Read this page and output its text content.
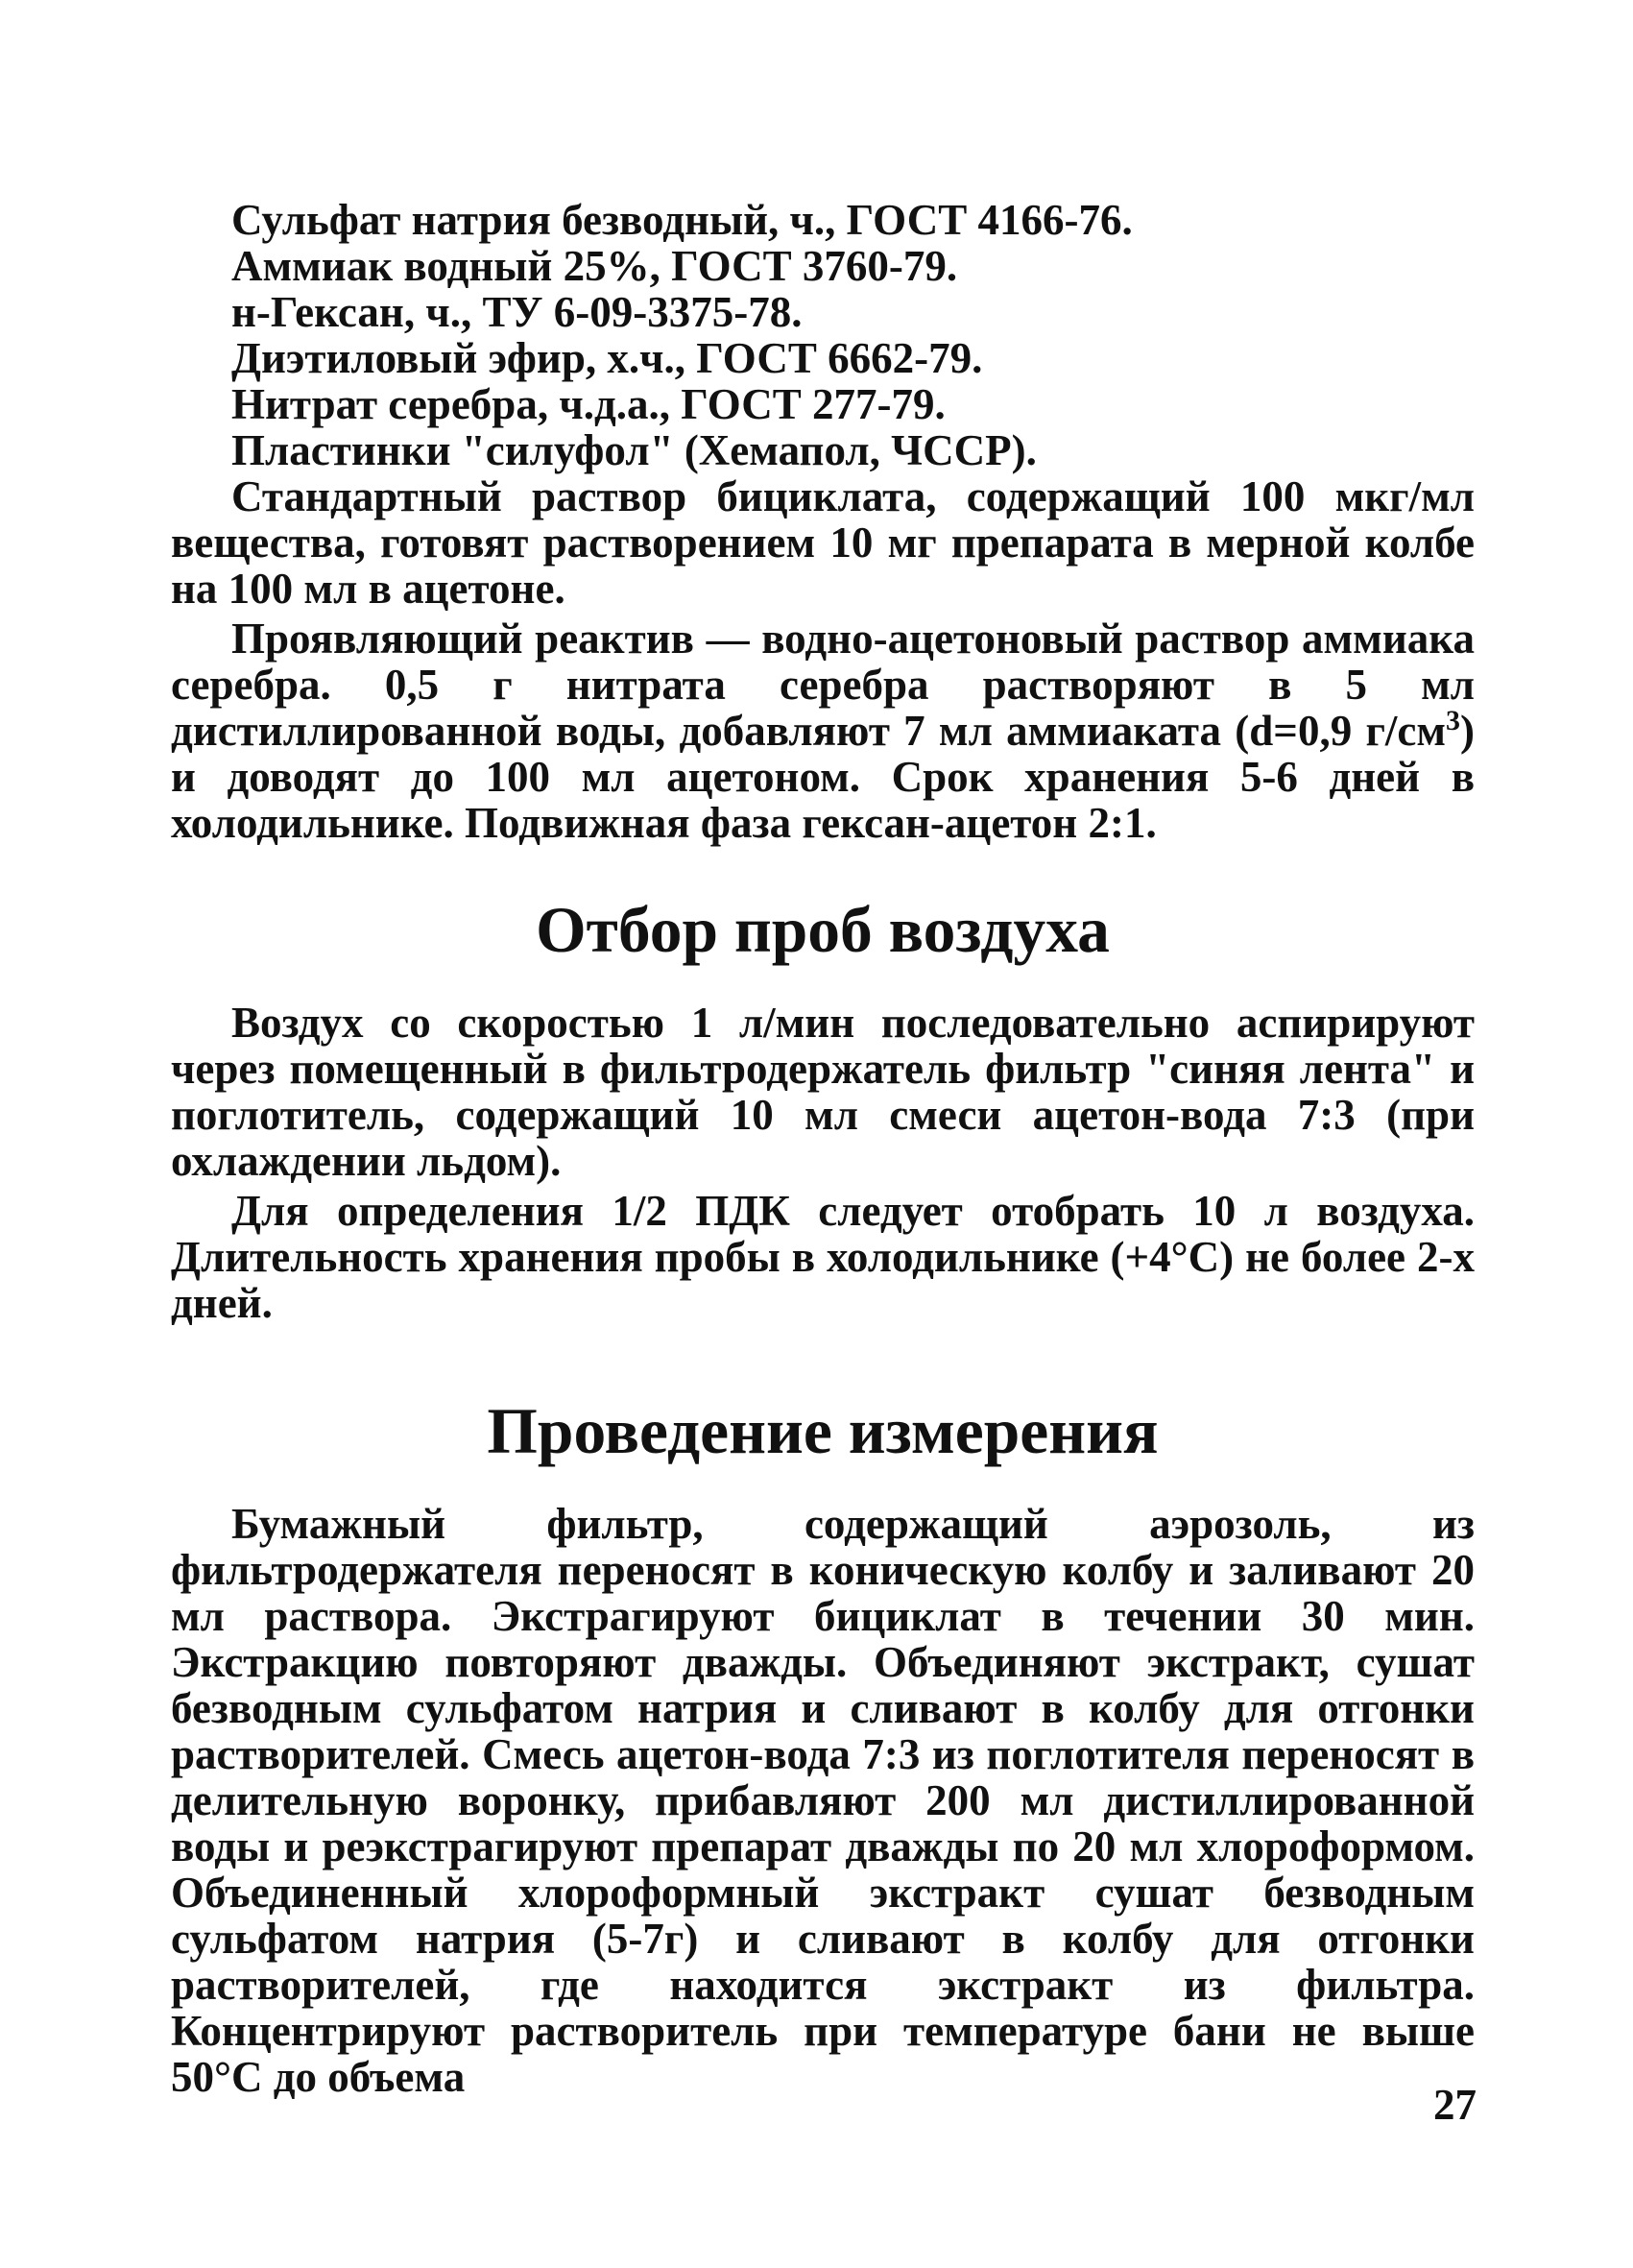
Сульфат натрия безводный, ч., ГОСТ 4166-76.
Аммиак водный 25%, ГОСТ 3760-79.
н-Гексан, ч., ТУ 6-09-3375-78.
Диэтиловый эфир, х.ч., ГОСТ 6662-79.
Нитрат серебра, ч.д.а., ГОСТ 277-79.
Пластинки "силуфол" (Хемапол, ЧССР).

Стандартный раствор бициклата, содержащий 100 мкг/мл вещества, готовят растворением 10 мг препарата в мерной колбе на 100 мл в ацетоне.

Проявляющий реактив — водно-ацетоновый раствор аммиака серебра. 0,5 г нитрата серебра растворяют в 5 мл дистиллированной воды, добавляют 7 мл аммиаката (d=0,9 $г/см^3$) и доводят до 100 мл ацетоном. Срок хранения 5-6 дней в холодильнике. Подвижная фаза гексан-ацетон 2:1.

Отбор проб воздуха

Воздух со скоростью 1 л/мин последовательно аспирируют через помещенный в фильтродержатель фильтр "синяя лента" и поглотитель, содержащий 10 мл смеси ацетон-вода 7:3 (при охлаждении льдом).

Для определения 1/2 ПДК следует отобрать 10 л воздуха. Длительность хранения пробы в холодильнике (+4°С) не более 2-х дней.

Проведение измерения

Бумажный фильтр, содержащий аэрозоль, из фильтродержателя переносят в коническую колбу и заливают 20 мл раствора. Экстрагируют бициклат в течении 30 мин. Экстракцию повторяют дважды. Объединяют экстракт, сушат безводным сульфатом натрия и сливают в колбу для отгонки растворителей. Смесь ацетон-вода 7:3 из поглотителя переносят в делительную воронку, прибавляют 200 мл дистиллированной воды и реэкстрагируют препарат дважды по 20 мл хлороформом. Объединенный хлороформный экстракт сушат безводным сульфатом натрия (5-7г) и сливают в колбу для отгонки растворителей, где находится экстракт из фильтра. Концентрируют растворитель при температуре бани не выше 50°С до объема

27
